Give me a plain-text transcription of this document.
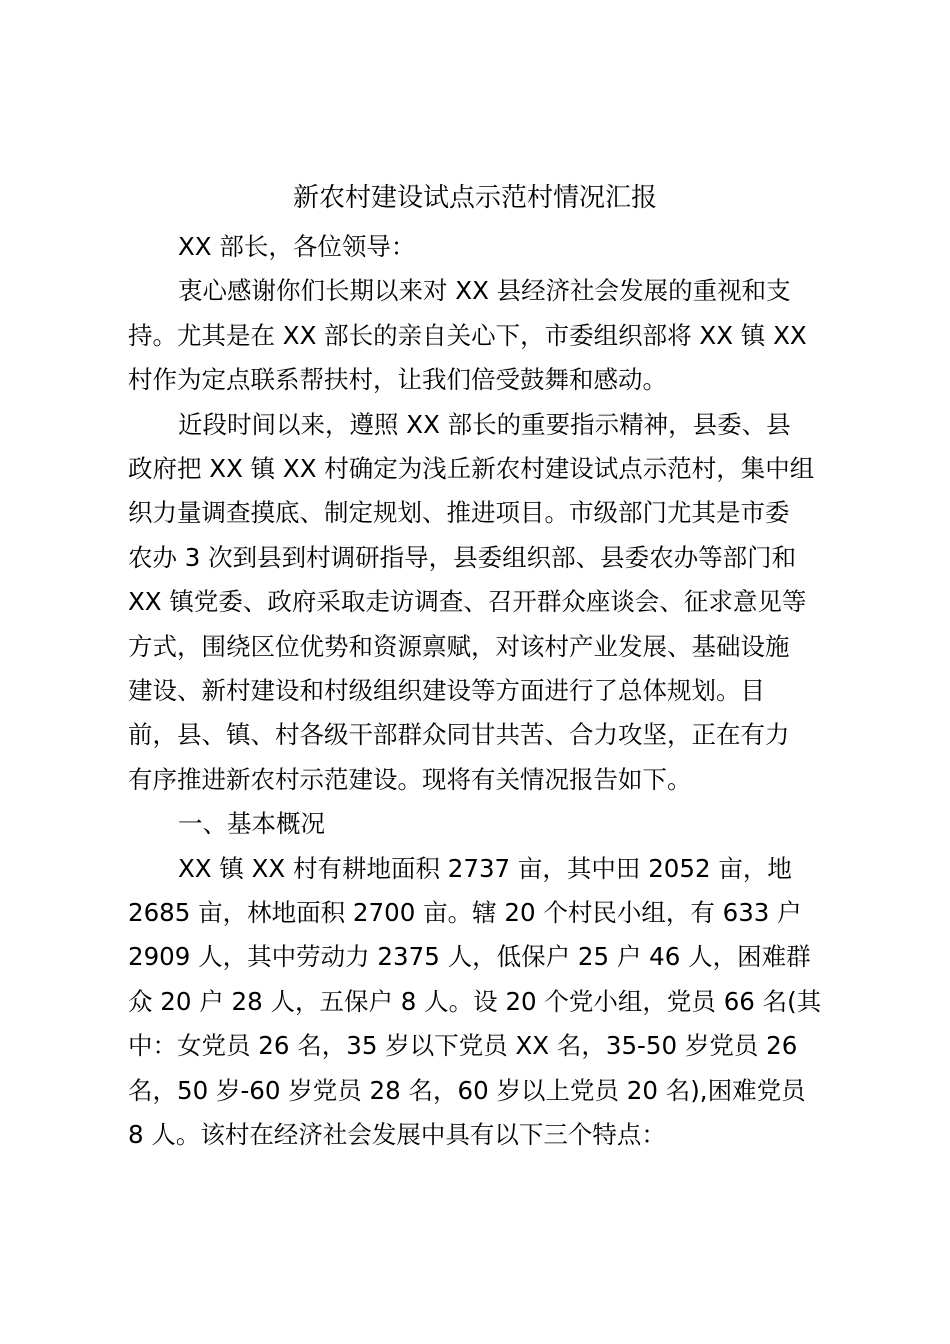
新农村建设试点示范村情况汇报
XX 部长，各位领导：
衷心感谢你们长期以来对 XX 县经济社会发展的重视和支
持。尤其是在 XX 部长的亲自关心下，市委组织部将 XX 镇 XX
村作为定点联系帮扶村，让我们倍受鼓舞和感动。
近段时间以来，遵照 XX 部长的重要指示精神，县委、县
政府把 XX 镇 XX 村确定为浅丘新农村建设试点示范村，集中组
织力量调查摸底、制定规划、推进项目。市级部门尤其是市委
农办 3 次到县到村调研指导，县委组织部、县委农办等部门和
XX 镇党委、政府采取走访调查、召开群众座谈会、征求意见等
方式，围绕区位优势和资源禀赋，对该村产业发展、基础设施
建设、新村建设和村级组织建设等方面进行了总体规划。目
前，县、镇、村各级干部群众同甘共苦、合力攻坚，正在有力
有序推进新农村示范建设。现将有关情况报告如下。
一、基本概况
XX 镇 XX 村有耕地面积 2737 亩，其中田 2052 亩，地
2685 亩，林地面积 2700 亩。辖 20 个村民小组，有 633 户
2909 人，其中劳动力 2375 人，低保户 25 户 46 人，困难群
众 20 户 28 人，五保户 8 人。设 20 个党小组，党员 66 名(其
中：女党员 26 名，35 岁以下党员 XX 名，35-50 岁党员 26
名，50 岁-60 岁党员 28 名，60 岁以上党员 20 名),困难党员
8 人。该村在经济社会发展中具有以下三个特点：
